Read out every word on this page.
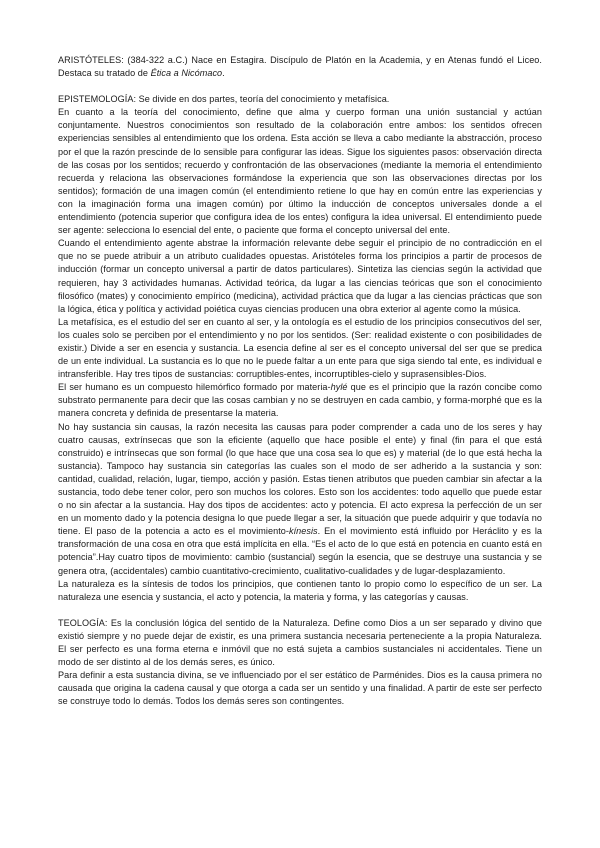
ARISTÓTELES: (384-322 a.C.) Nace en Estagira. Discípulo de Platón en la Academia, y en Atenas fundó el Liceo. Destaca su tratado de Ética a Nicómaco.

EPISTEMOLOGÍA: Se divide en dos partes, teoría del conocimiento y metafísica.

En cuanto a la teoría del conocimiento, define que alma y cuerpo forman una unión sustancial y actúan conjuntamente. Nuestros conocimientos son resultado de la colaboración entre ambos: los sentidos ofrecen experiencias sensibles al entendimiento que los ordena. Esta acción se lleva a cabo mediante la abstracción, proceso por el que la razón prescinde de lo sensible para configurar las ideas. Sigue los siguientes pasos: observación directa de las cosas por los sentidos; recuerdo y confrontación de las observaciones (mediante la memoria el entendimiento recuerda y relaciona las observaciones formándose la experiencia que son las observaciones directas por los sentidos); formación de una imagen común (el entendimiento retiene lo que hay en común entre las experiencias y con la imaginación forma una imagen común) por último la inducción de conceptos universales donde a el entendimiento (potencia superior que configura idea de los entes) configura la idea universal. El entendimiento puede ser agente: selecciona lo esencial del ente, o paciente que forma el concepto universal del ente.

Cuando el entendimiento agente abstrae la información relevante debe seguir el principio de no contradicción en el que no se puede atribuir a un atributo cualidades opuestas. Aristóteles forma los principios a partir de procesos de inducción (formar un concepto universal a partir de datos particulares). Sintetiza las ciencias según la actividad que requieren, hay 3 actividades humanas. Actividad teórica, da lugar a las ciencias teóricas que son el conocimiento filosófico (mates) y conocimiento empírico (medicina), actividad práctica que da lugar a las ciencias prácticas que son la lógica, ética y política y actividad poiética cuyas ciencias producen una obra exterior al agente como la música.

La metafísica, es el estudio del ser en cuanto al ser, y la ontología es el estudio de los principios consecutivos del ser, los cuales solo se perciben por el entendimiento y no por los sentidos. (Ser: realidad existente o con posibilidades de existir.) Divide a ser en esencia y sustancia. La esencia define al ser es el concepto universal del ser que se predica de un ente individual. La sustancia es lo que no le puede faltar a un ente para que siga siendo tal ente, es individual e intransferible. Hay tres tipos de sustancias: corruptibles-entes, incorruptibles-cielo y suprasensibles-Dios.

El ser humano es un compuesto hilemórfico formado por materia-hylé que es el principio que la razón concibe como substrato permanente para decir que las cosas cambian y no se destruyen en cada cambio, y forma-morphé que es la manera concreta y definida de presentarse la materia.

No hay sustancia sin causas, la razón necesita las causas para poder comprender a cada uno de los seres y hay cuatro causas, extrínsecas que son la eficiente (aquello que hace posible el ente) y final (fin para el que está construido) e intrínsecas que son formal (lo que hace que una cosa sea lo que es) y material (de lo que está hecha la sustancia). Tampoco hay sustancia sin categorías las cuales son el modo de ser adherido a la sustancia y son: cantidad, cualidad, relación, lugar, tiempo, acción y pasión. Estas tienen atributos que pueden cambiar sin afectar a la sustancia, todo debe tener color, pero son muchos los colores. Esto son los accidentes: todo aquello que puede estar o no sin afectar a la sustancia. Hay dos tipos de accidentes: acto y potencia. El acto expresa la perfección de un ser en un momento dado y la potencia designa lo que puede llegar a ser, la situación que puede adquirir y que todavía no tiene. El paso de la potencia a acto es el movimiento-kínesis. En el movimiento está influido por Heráclito y es la transformación de una cosa en otra que está implícita en ella. “Es el acto de lo que está en potencia en cuanto está en potencia”.Hay cuatro tipos de movimiento: cambio (sustancial) según la esencia, que se destruye una sustancia y se genera otra, (accidentales) cambio cuantitativo-crecimiento, cualitativo-cualidades y de lugar-desplazamiento.

La naturaleza es la síntesis de todos los principios, que contienen tanto lo propio como lo específico de un ser. La naturaleza une esencia y sustancia, el acto y potencia, la materia y forma, y las categorías y causas.

TEOLOGÍA: Es la conclusión lógica del sentido de la Naturaleza. Define como Dios a un ser separado y divino que existió siempre y no puede dejar de existir, es una primera sustancia necesaria perteneciente a la propia Naturaleza. El ser perfecto es una forma eterna e inmóvil que no está sujeta a cambios sustanciales ni accidentales. Tiene un modo de ser distinto al de los demás seres, es único.

Para definir a esta sustancia divina, se ve influenciado por el ser estático de Parménides. Dios es la causa primera no causada que origina la cadena causal y que otorga a cada ser un sentido y una finalidad. A partir de este ser perfecto se construye todo lo demás. Todos los demás seres son contingentes.
